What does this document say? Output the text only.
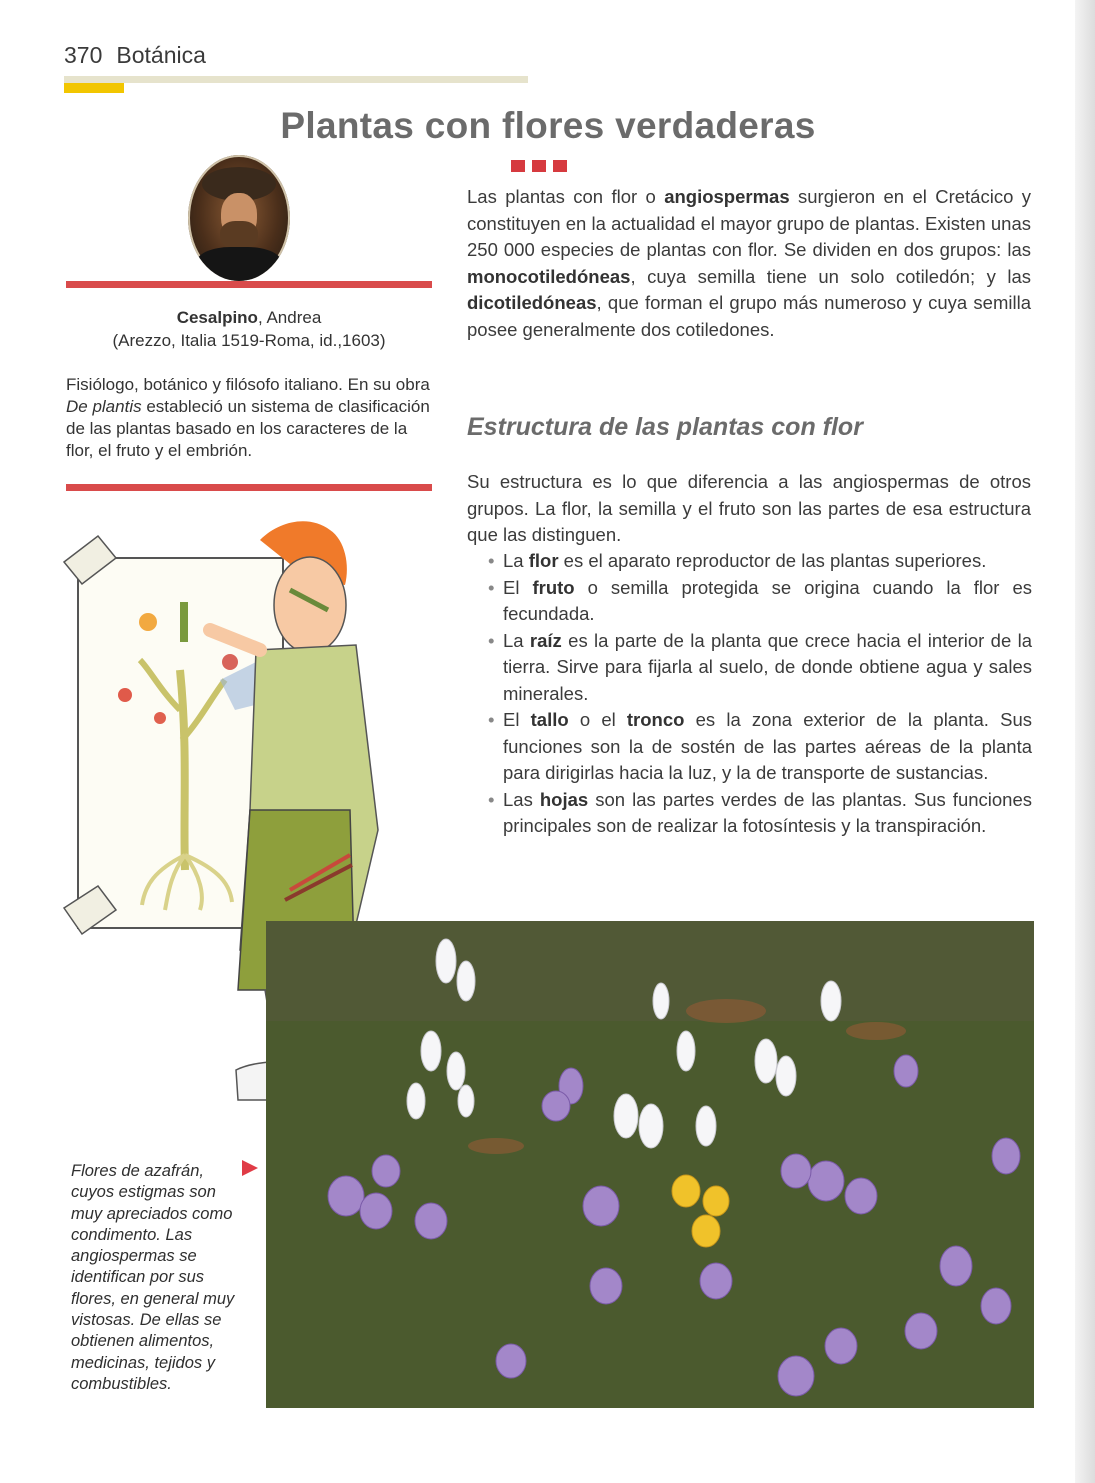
370 Botánica
Plantas con flores verdaderas
Cesalpino, Andrea
(Arezzo, Italia 1519-Roma, id.,1603)
Fisiólogo, botánico y filósofo italiano. En su obra De plantis estableció un sistema de clasificación de las plantas basado en los caracteres de la flor, el fruto y el embrión.
Las plantas con flor o angiospermas surgieron en el Cretácico y constituyen en la actualidad el mayor grupo de plantas. Existen unas 250 000 especies de plantas con flor. Se dividen en dos grupos: las monocotiledóneas, cuya semilla tiene un solo cotiledón; y las dicotiledóneas, que forman el grupo más numeroso y cuya semilla posee generalmente dos cotiledones.
Estructura de las plantas con flor
Su estructura es lo que diferencia a las angiospermas de otros grupos. La flor, la semilla y el fruto son las partes de esa estructura que las distinguen.
• La flor es el aparato reproductor de las plantas superiores.
• El fruto o semilla protegida se origina cuando la flor es fecundada.
• La raíz es la parte de la planta que crece hacia el interior de la tierra. Sirve para fijarla al suelo, de donde obtiene agua y sales minerales.
• El tallo o el tronco es la zona exterior de la planta. Sus funciones son la de sostén de las partes aéreas de la planta para dirigirlas hacia la luz, y la de transporte de sustancias.
• Las hojas son las partes verdes de las plantas. Sus funciones principales son de realizar la fotosíntesis y la transpiración.
Flores de azafrán, cuyos estigmas son muy apreciados como condimento. Las angiospermas se identifican por sus flores, en general muy vistosas. De ellas se obtienen alimentos, medicinas, tejidos y combustibles.
